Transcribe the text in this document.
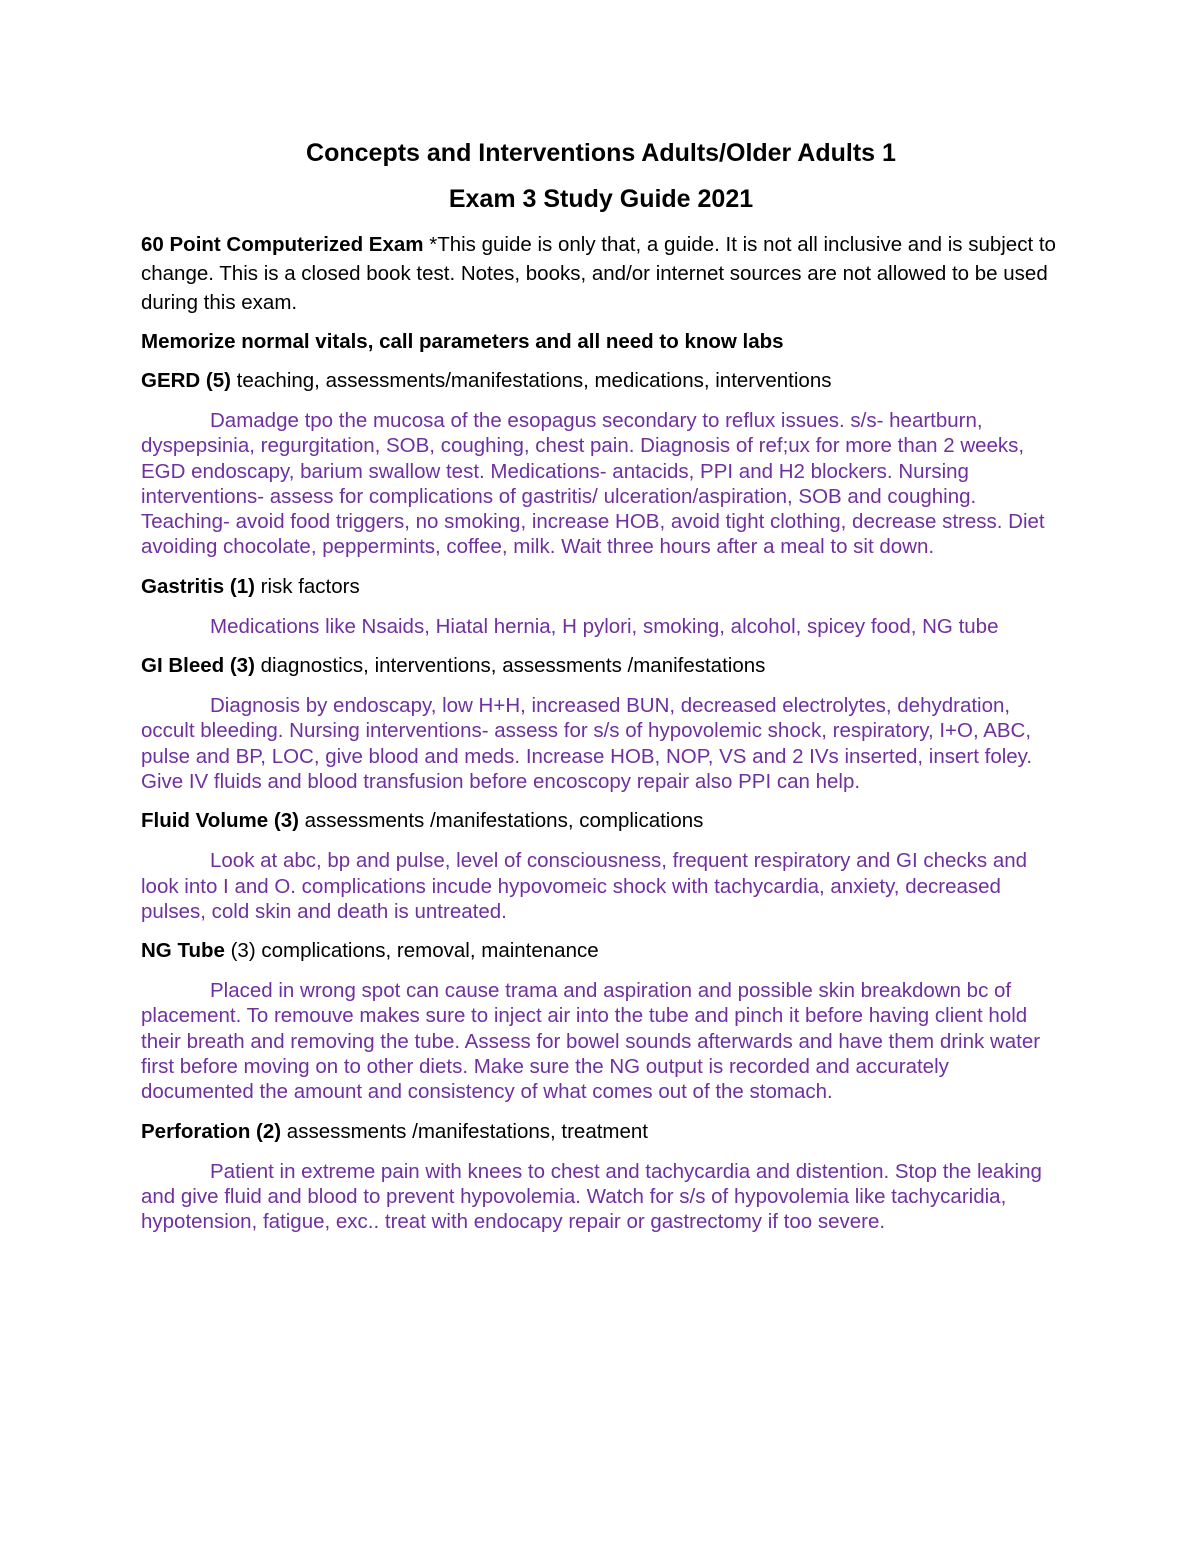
Concepts and Interventions Adults/Older Adults 1
Exam 3 Study Guide 2021

60 Point Computerized Exam *This guide is only that, a guide. It is not all inclusive and is subject to change. This is a closed book test. Notes, books, and/or internet sources are not allowed to be used during this exam.

Memorize normal vitals, call parameters and all need to know labs

GERD (5) teaching, assessments/manifestations, medications, interventions

Damadge tpo the mucosa of the esopagus secondary to reflux issues. s/s- heartburn, dyspepsinia, regurgitation, SOB, coughing, chest pain. Diagnosis of ref;ux for more than 2 weeks, EGD endoscapy, barium swallow test. Medications- antacids, PPI and H2 blockers. Nursing interventions- assess for complications of gastritis/ ulceration/aspiration, SOB and coughing. Teaching- avoid food triggers, no smoking, increase HOB, avoid tight clothing, decrease stress. Diet avoiding chocolate, peppermints, coffee, milk. Wait three hours after a meal to sit down.

Gastritis (1) risk factors

Medications like Nsaids, Hiatal hernia, H pylori, smoking, alcohol, spicey food, NG tube

GI Bleed (3) diagnostics, interventions, assessments /manifestations

Diagnosis by endoscapy, low H+H, increased BUN, decreased electrolytes, dehydration, occult bleeding. Nursing interventions- assess for s/s of hypovolemic shock, respiratory, I+O, ABC, pulse and BP, LOC, give blood and meds. Increase HOB, NOP, VS and 2 IVs inserted, insert foley. Give IV fluids and blood transfusion before encoscopy repair also PPI can help.

Fluid Volume (3) assessments /manifestations, complications

Look at abc, bp and pulse, level of consciousness, frequent respiratory and GI checks and look into I and O. complications incude hypovomeic shock with tachycardia, anxiety, decreased pulses, cold skin and death is untreated.

NG Tube (3) complications, removal, maintenance

Placed in wrong spot can cause trama and aspiration and possible skin breakdown bc of placement. To remouve makes sure to inject air into the tube and pinch it before having client hold their breath and removing the tube. Assess for bowel sounds afterwards and have them drink water first before moving on to other diets. Make sure the NG output is recorded and accurately documented the amount and consistency of what comes out of the stomach.

Perforation (2) assessments /manifestations, treatment

Patient in extreme pain with knees to chest and tachycardia and distention. Stop the leaking and give fluid and blood to prevent hypovolemia. Watch for s/s of hypovolemia like tachycaridia, hypotension, fatigue, exc.. treat with endocapy repair or gastrectomy if too severe.
